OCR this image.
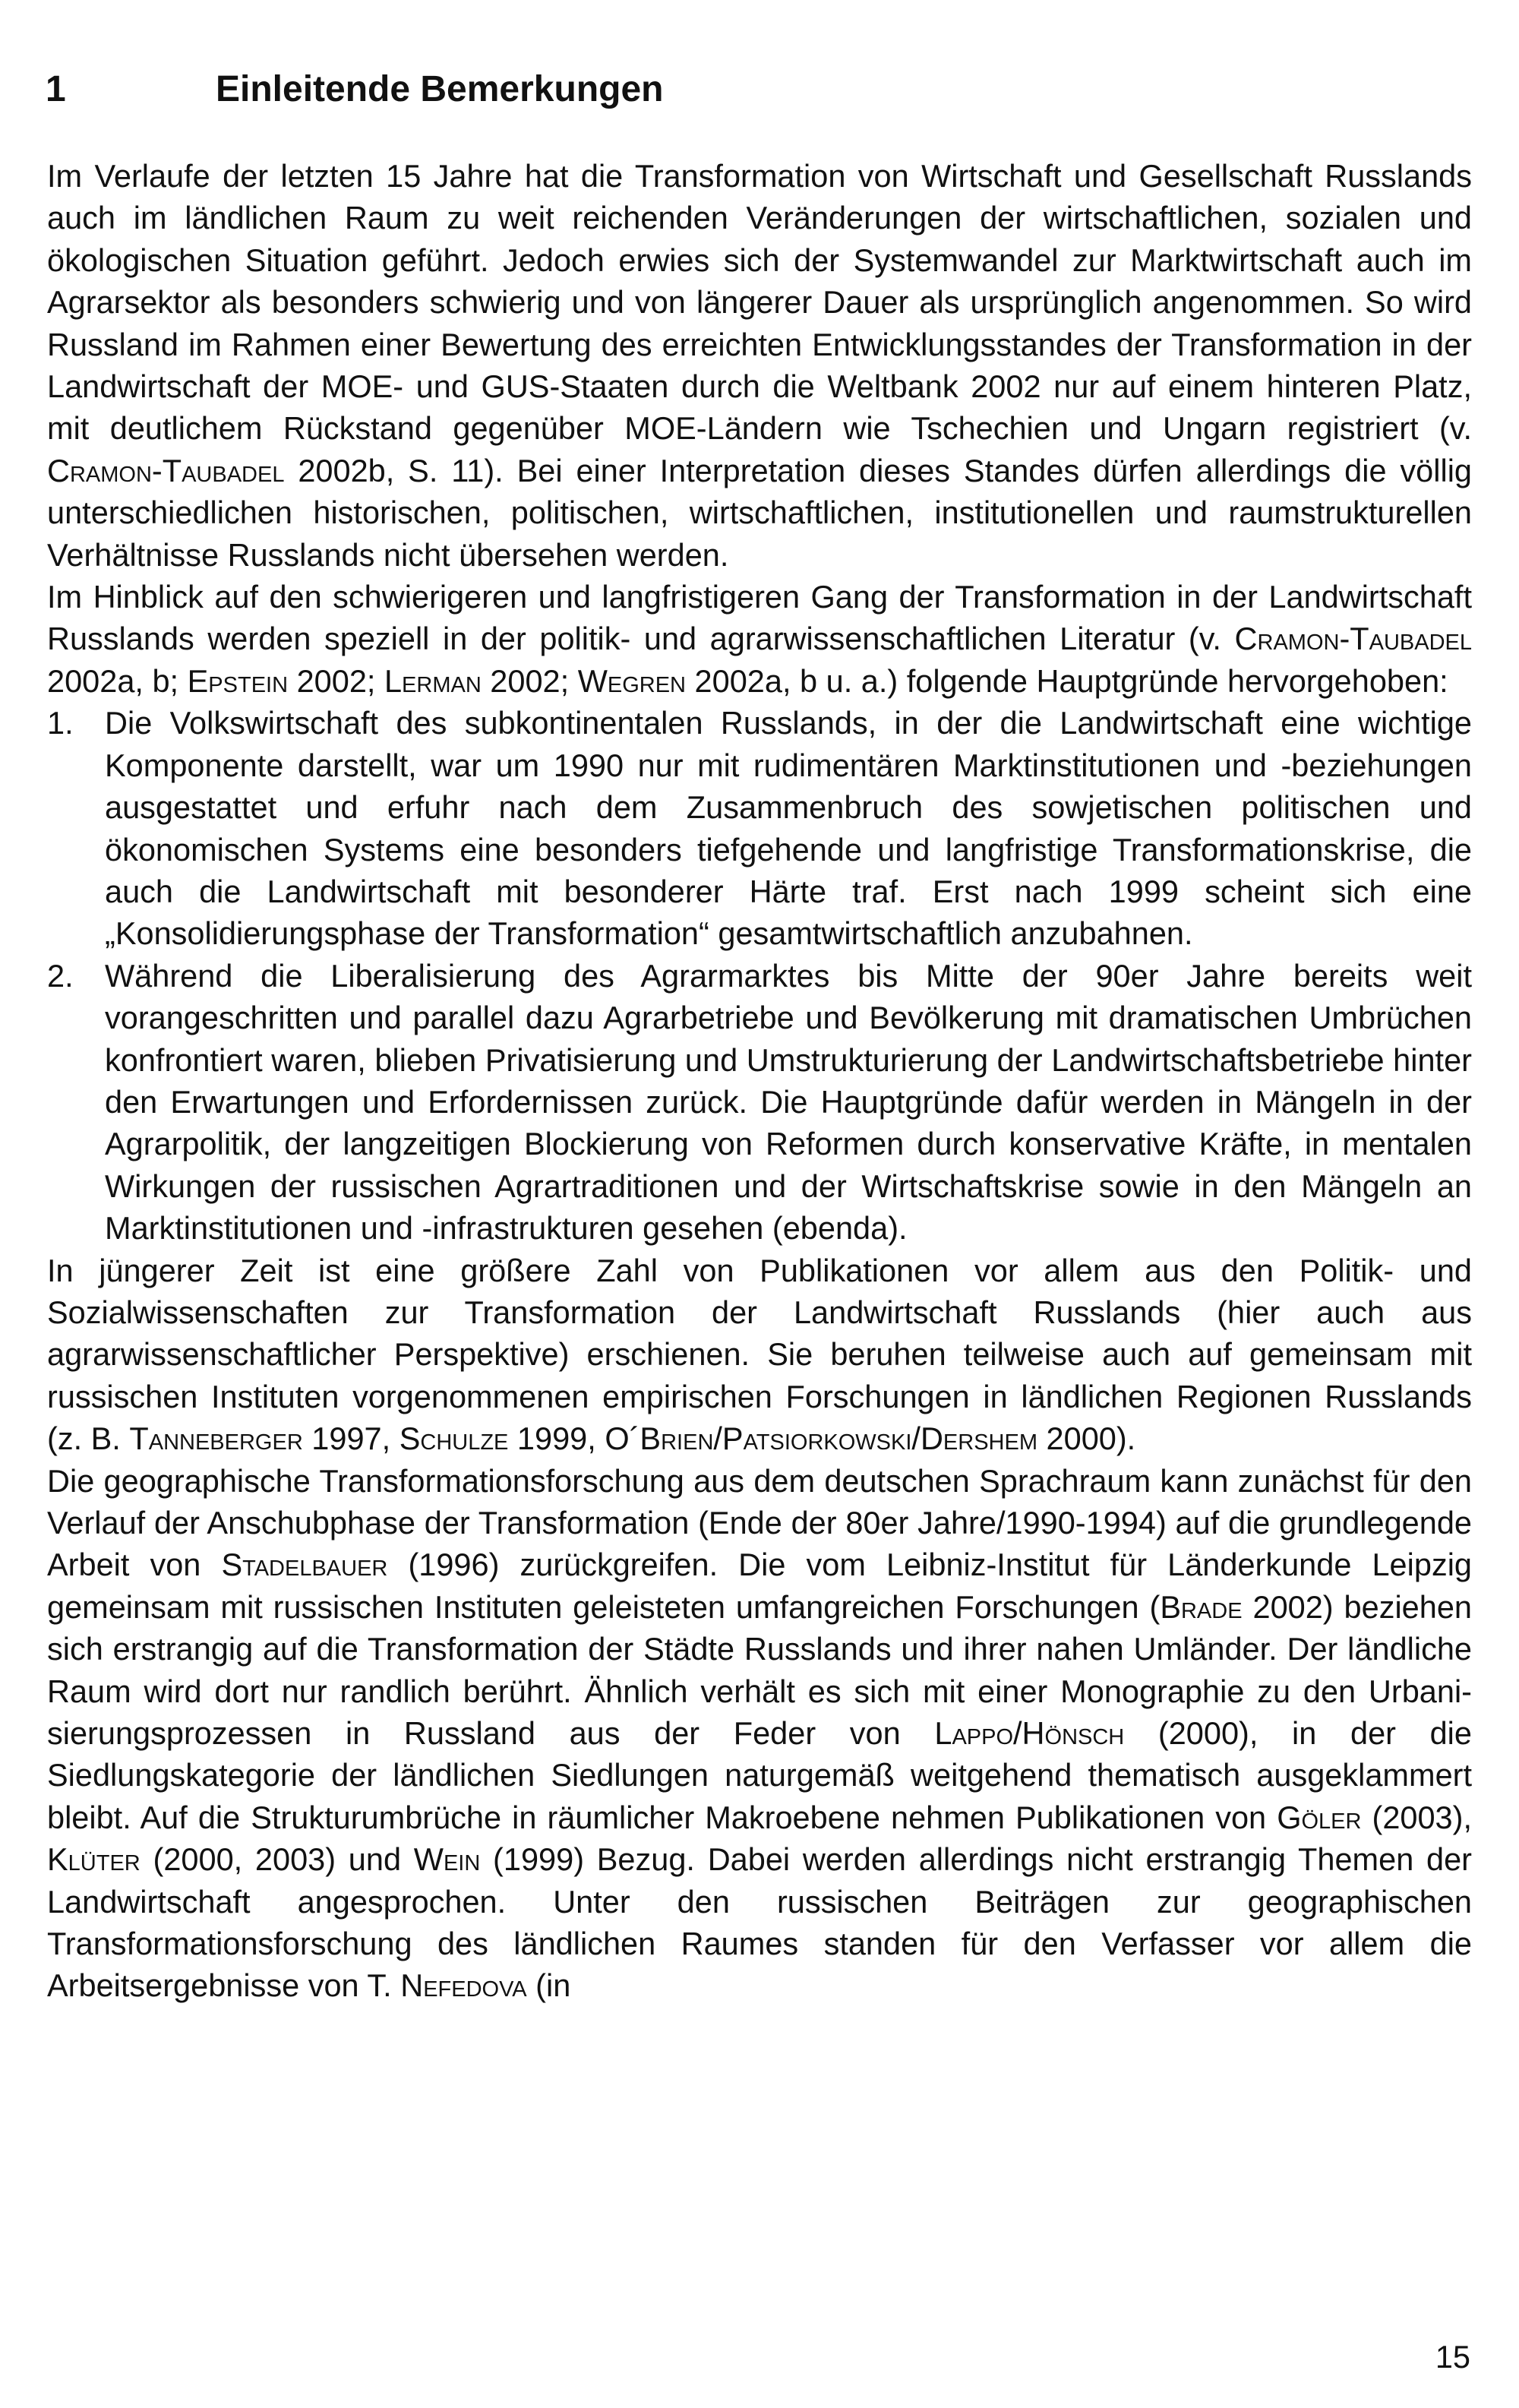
1	Einleitende Bemerkungen

Im Verlaufe der letzten 15 Jahre hat die Transformation von Wirtschaft und Gesellschaft Russlands auch im ländlichen Raum zu weit reichenden Veränderungen der wirtschaftlichen, sozialen und ökologischen Situation geführt. Jedoch erwies sich der Systemwandel zur Marktwirtschaft auch im Agrarsektor als besonders schwierig und von längerer Dauer als ursprünglich angenommen. So wird Russland im Rahmen einer Bewertung des erreichten Entwicklungsstandes der Transformation in der Landwirtschaft der MOE- und GUS-Staaten durch die Weltbank 2002 nur auf einem hinteren Platz, mit deutlichem Rückstand gegenüber MOE-Ländern wie Tschechien und Ungarn registriert (v. Cramon-Taubadel 2002b, S. 11). Bei einer Interpretation dieses Standes dürfen allerdings die völlig unterschiedlichen historischen, politischen, wirtschaftlichen, institutionellen und raumstrukturellen Verhältnisse Russlands nicht übersehen werden.

Im Hinblick auf den schwierigeren und langfristigeren Gang der Transformation in der Landwirtschaft Russlands werden speziell in der politik- und agrarwissenschaftlichen Literatur (v. Cramon-Taubadel 2002a, b; Epstein 2002; Lerman 2002; Wegren 2002a, b u. a.) folgende Hauptgründe hervorgehoben:

1. Die Volkswirtschaft des subkontinentalen Russlands, in der die Landwirtschaft eine wichtige Komponente darstellt, war um 1990 nur mit rudimentären Marktinstitutionen und -beziehungen ausgestattet und erfuhr nach dem Zusammenbruch des sowjetischen politischen und ökonomischen Systems eine besonders tiefgehende und langfristige Transformationskrise, die auch die Landwirtschaft mit besonderer Härte traf. Erst nach 1999 scheint sich eine „Konsolidierungsphase der Transformation“ gesamtwirtschaftlich anzubahnen.
2. Während die Liberalisierung des Agrarmarktes bis Mitte der 90er Jahre bereits weit vorangeschritten und parallel dazu Agrarbetriebe und Bevölkerung mit dramatischen Umbrüchen konfrontiert waren, blieben Privatisierung und Umstrukturierung der Landwirtschaftsbetriebe hinter den Erwartungen und Erfordernissen zurück. Die Hauptgründe dafür werden in Mängeln in der Agrarpolitik, der langzeitigen Blockierung von Reformen durch konservative Kräfte, in mentalen Wirkungen der russischen Agrartraditionen und der Wirtschaftskrise sowie in den Mängeln an Marktinstitutionen und -infrastrukturen gesehen (ebenda).

In jüngerer Zeit ist eine größere Zahl von Publikationen vor allem aus den Politik- und Sozialwissenschaften zur Transformation der Landwirtschaft Russlands (hier auch aus agrarwissenschaftlicher Perspektive) erschienen. Sie beruhen teilweise auch auf gemeinsam mit russischen Instituten vorgenommenen empirischen Forschungen in ländlichen Regionen Russlands (z. B. Tanneberger 1997, Schulze 1999, O´Brien/Patsiorkowski/Dershem 2000).

Die geographische Transformationsforschung aus dem deutschen Sprachraum kann zunächst für den Verlauf der Anschubphase der Transformation (Ende der 80er Jahre/1990-1994) auf die grundlegende Arbeit von Stadelbauer (1996) zurückgreifen. Die vom Leibniz-Institut für Länderkunde Leipzig gemeinsam mit russischen Instituten geleisteten umfangreichen Forschungen (Brade 2002) beziehen sich erstrangig auf die Transformation der Städte Russlands und ihrer nahen Umländer. Der ländliche Raum wird dort nur randlich berührt. Ähnlich verhält es sich mit einer Monographie zu den Urbanisierungsprozessen in Russland aus der Feder von Lappo/Hönsch (2000), in der die Siedlungskategorie der ländlichen Siedlungen naturgemäß weitgehend thematisch ausgeklammert bleibt. Auf die Strukturumbrüche in räumlicher Makroebene nehmen Publikationen von Göler (2003), Klüter (2000, 2003) und Wein (1999) Bezug. Dabei werden allerdings nicht erstrangig Themen der Landwirtschaft angesprochen. Unter den russischen Beiträgen zur geographischen Transformationsforschung des ländlichen Raumes standen für den Verfasser vor allem die Arbeitsergebnisse von T. Nefedova (in

15
